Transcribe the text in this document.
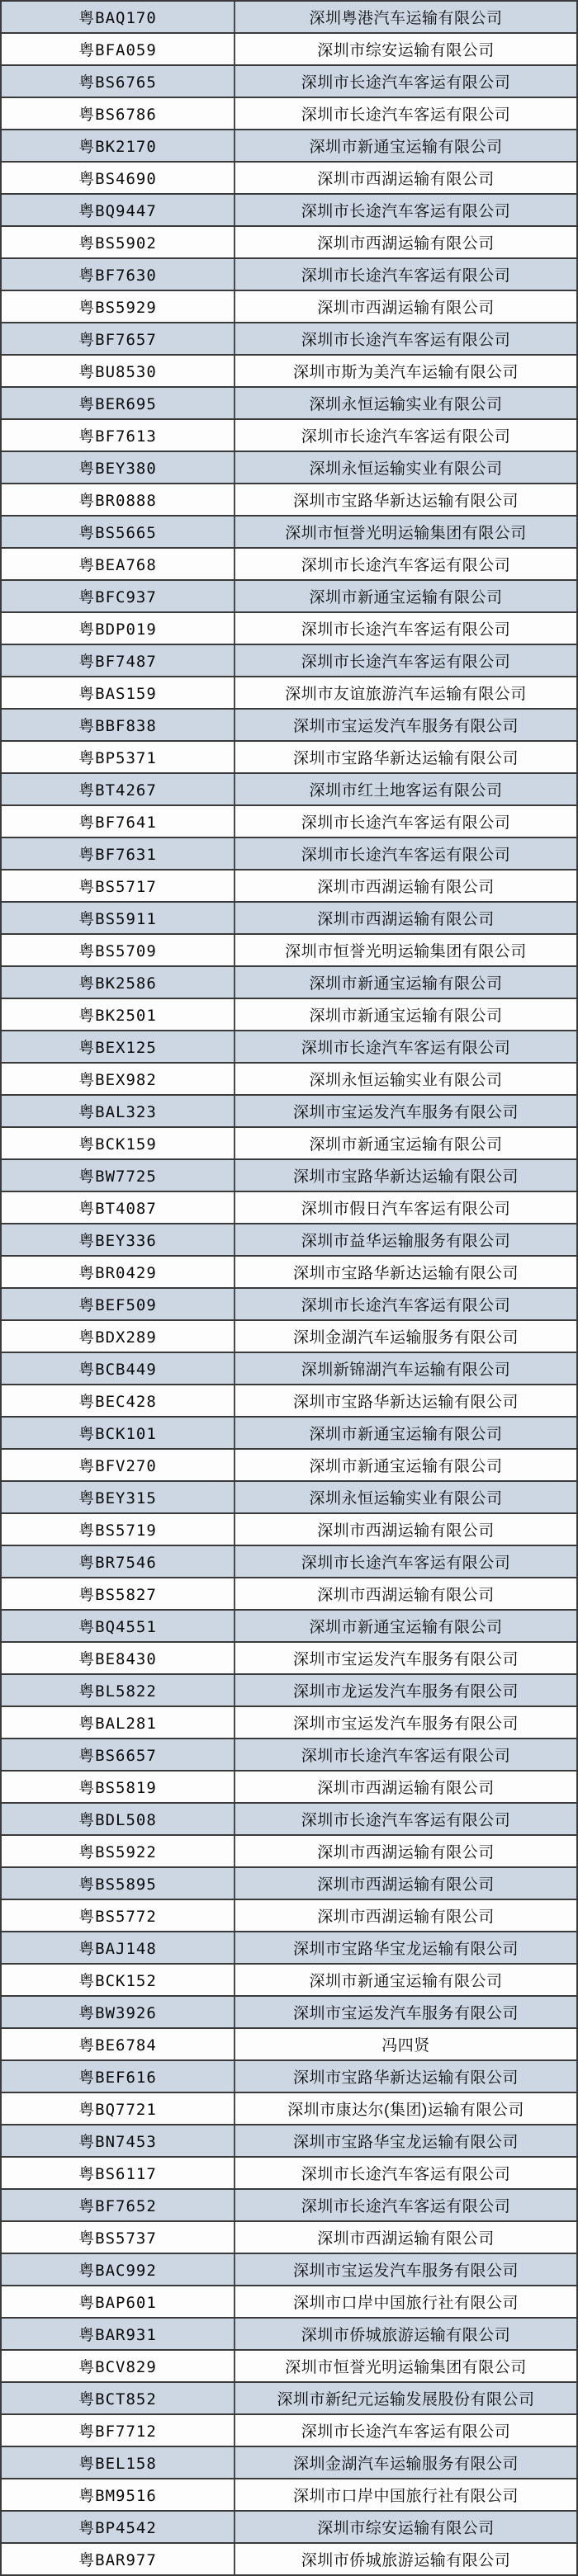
粤BAQ170	深圳粤港汽车运输有限公司
粤BFA059	深圳市综安运输有限公司
粤BS6765	深圳市长途汽车客运有限公司
粤BS6786	深圳市长途汽车客运有限公司
粤BK2170	深圳市新通宝运输有限公司
粤BS4690	深圳市西湖运输有限公司
粤BQ9447	深圳市长途汽车客运有限公司
粤BS5902	深圳市西湖运输有限公司
粤BF7630	深圳市长途汽车客运有限公司
粤BS5929	深圳市西湖运输有限公司
粤BF7657	深圳市长途汽车客运有限公司
粤BU8530	深圳市斯为美汽车运输有限公司
粤BER695	深圳永恒运输实业有限公司
粤BF7613	深圳市长途汽车客运有限公司
粤BEY380	深圳永恒运输实业有限公司
粤BR0888	深圳市宝路华新达运输有限公司
粤BS5665	深圳市恒誉光明运输集团有限公司
粤BEA768	深圳市长途汽车客运有限公司
粤BFC937	深圳市新通宝运输有限公司
粤BDP019	深圳市长途汽车客运有限公司
粤BF7487	深圳市长途汽车客运有限公司
粤BAS159	深圳市友谊旅游汽车运输有限公司
粤BBF838	深圳市宝运发汽车服务有限公司
粤BP5371	深圳市宝路华新达运输有限公司
粤BT4267	深圳市红土地客运有限公司
粤BF7641	深圳市长途汽车客运有限公司
粤BF7631	深圳市长途汽车客运有限公司
粤BS5717	深圳市西湖运输有限公司
粤BS5911	深圳市西湖运输有限公司
粤BS5709	深圳市恒誉光明运输集团有限公司
粤BK2586	深圳市新通宝运输有限公司
粤BK2501	深圳市新通宝运输有限公司
粤BEX125	深圳市长途汽车客运有限公司
粤BEX982	深圳永恒运输实业有限公司
粤BAL323	深圳市宝运发汽车服务有限公司
粤BCK159	深圳市新通宝运输有限公司
粤BW7725	深圳市宝路华新达运输有限公司
粤BT4087	深圳市假日汽车客运有限公司
粤BEY336	深圳市益华运输服务有限公司
粤BR0429	深圳市宝路华新达运输有限公司
粤BEF509	深圳市长途汽车客运有限公司
粤BDX289	深圳金湖汽车运输服务有限公司
粤BCB449	深圳新锦湖汽车运输有限公司
粤BEC428	深圳市宝路华新达运输有限公司
粤BCK101	深圳市新通宝运输有限公司
粤BFV270	深圳市新通宝运输有限公司
粤BEY315	深圳永恒运输实业有限公司
粤BS5719	深圳市西湖运输有限公司
粤BR7546	深圳市长途汽车客运有限公司
粤BS5827	深圳市西湖运输有限公司
粤BQ4551	深圳市新通宝运输有限公司
粤BE8430	深圳市宝运发汽车服务有限公司
粤BL5822	深圳市龙运发汽车服务有限公司
粤BAL281	深圳市宝运发汽车服务有限公司
粤BS6657	深圳市长途汽车客运有限公司
粤BS5819	深圳市西湖运输有限公司
粤BDL508	深圳市长途汽车客运有限公司
粤BS5922	深圳市西湖运输有限公司
粤BS5895	深圳市西湖运输有限公司
粤BS5772	深圳市西湖运输有限公司
粤BAJ148	深圳市宝路华宝龙运输有限公司
粤BCK152	深圳市新通宝运输有限公司
粤BW3926	深圳市宝运发汽车服务有限公司
粤BE6784	冯四贤
粤BEF616	深圳市宝路华新达运输有限公司
粤BQ7721	深圳市康达尔(集团)运输有限公司
粤BN7453	深圳市宝路华宝龙运输有限公司
粤BS6117	深圳市长途汽车客运有限公司
粤BF7652	深圳市长途汽车客运有限公司
粤BS5737	深圳市西湖运输有限公司
粤BAC992	深圳市宝运发汽车服务有限公司
粤BAP601	深圳市口岸中国旅行社有限公司
粤BAR931	深圳市侨城旅游运输有限公司
粤BCV829	深圳市恒誉光明运输集团有限公司
粤BCT852	深圳市新纪元运输发展股份有限公司
粤BF7712	深圳市长途汽车客运有限公司
粤BEL158	深圳金湖汽车运输服务有限公司
粤BM9516	深圳市口岸中国旅行社有限公司
粤BP4542	深圳市综安运输有限公司
粤BAR977	深圳市侨城旅游运输有限公司
